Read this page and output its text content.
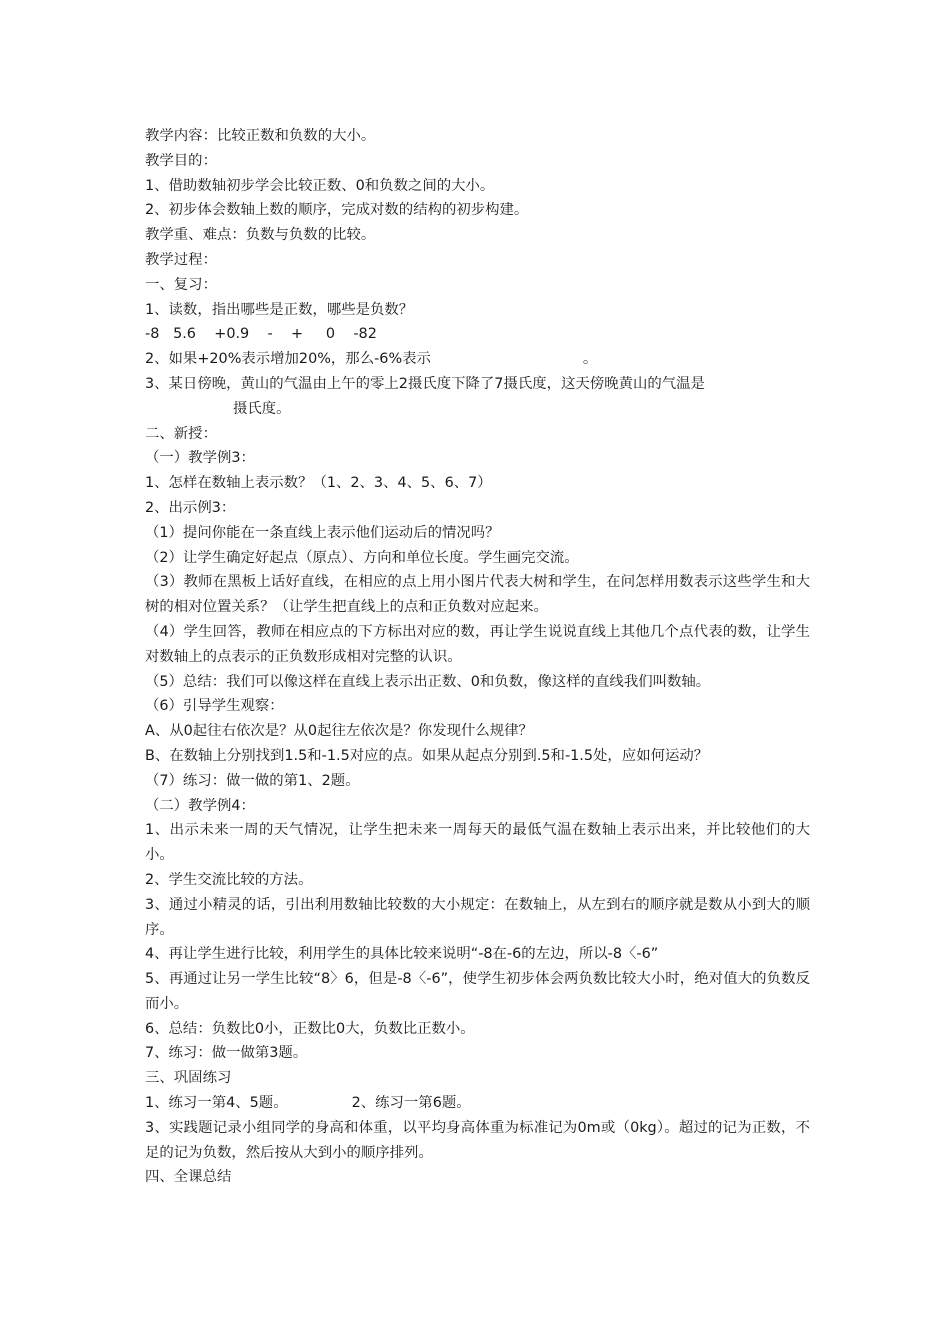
教学内容：比较正数和负数的大小。
教学目的：
1、借助数轴初步学会比较正数、0和负数之间的大小。
2、初步体会数轴上数的顺序，完成对数的结构的初步构建。
教学重、难点：负数与负数的比较。
教学过程：
一、复习：
1、读数，指出哪些是正数，哪些是负数？
-8   5.6    +0.9    -    +     0    -82
2、如果+20%表示增加20%，那么-6%表示	。
3、某日傍晚，黄山的气温由上午的零上2摄氏度下降了7摄氏度，这天傍晚黄山的气温是
摄氏度。
二、新授：
（一）教学例3：
1、怎样在数轴上表示数？（1、2、3、4、5、6、7）
2、出示例3：
（1）提问你能在一条直线上表示他们运动后的情况吗？
（2）让学生确定好起点（原点）、方向和单位长度。学生画完交流。
（3）教师在黑板上话好直线，在相应的点上用小图片代表大树和学生，在问怎样用数表示这些学生和大树的相对位置关系？（让学生把直线上的点和正负数对应起来。
（4）学生回答，教师在相应点的下方标出对应的数，再让学生说说直线上其他几个点代表的数，让学生对数轴上的点表示的正负数形成相对完整的认识。
（5）总结：我们可以像这样在直线上表示出正数、0和负数，像这样的直线我们叫数轴。
（6）引导学生观察：
A、从0起往右依次是？从0起往左依次是？你发现什么规律？
B、在数轴上分别找到1.5和-1.5对应的点。如果从起点分别到.5和-1.5处，应如何运动？
（7）练习：做一做的第1、2题。
（二）教学例4：
1、出示未来一周的天气情况，让学生把未来一周每天的最低气温在数轴上表示出来，并比较他们的大小。
2、学生交流比较的方法。
3、通过小精灵的话，引出利用数轴比较数的大小规定：在数轴上，从左到右的顺序就是数从小到大的顺序。
4、再让学生进行比较，利用学生的具体比较来说明“-8在-6的左边，所以-8〈-6”
5、再通过让另一学生比较“8〉6，但是-8〈-6”，使学生初步体会两负数比较大小时，绝对值大的负数反而小。
6、总结：负数比0小，正数比0大，负数比正数小。
7、练习：做一做第3题。
三、巩固练习
1、练习一第4、5题。	2、练习一第6题。
3、实践题记录小组同学的身高和体重，以平均身高体重为标准记为0m或（0kg）。超过的记为正数，不足的记为负数，然后按从大到小的顺序排列。
四、全课总结
